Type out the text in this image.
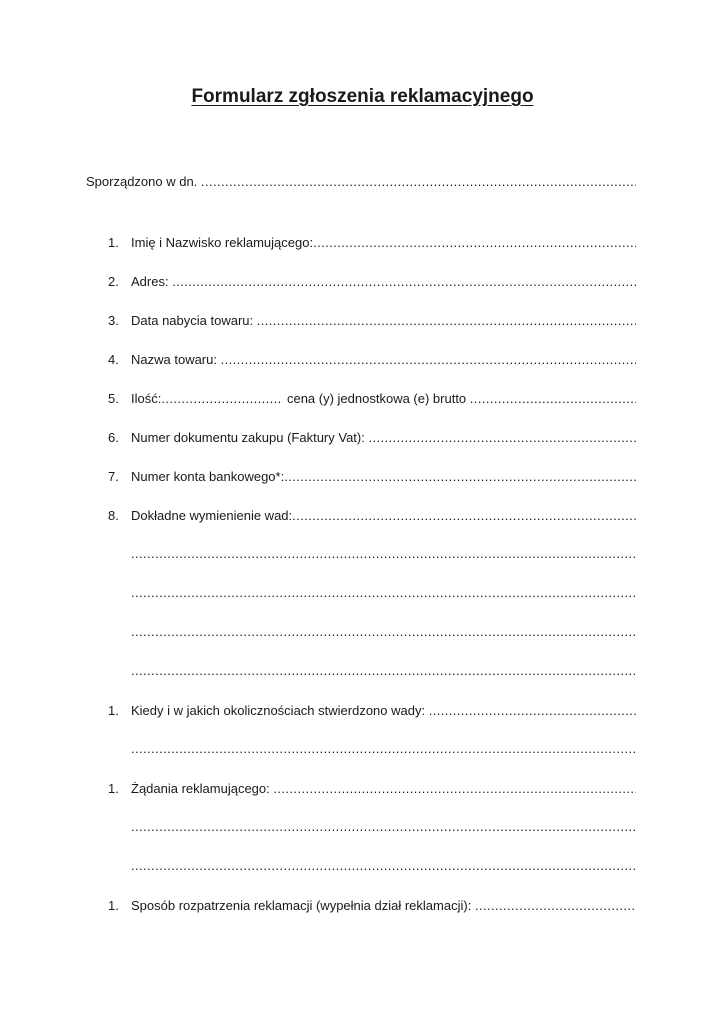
Formularz zgłoszenia reklamacyjnego
Sporządzono w dn.

.....
1. Imię i Nazwisko reklamującego:
.....
2. Adres:

.....
3. Data nabycia towaru:

.....
4. Nazwa towaru:

.....
5. Ilość:
.....
	cena (y) jednostkowa (e) brutto

.....
6. Numer dokumentu zakupu (Faktury Vat):

.....
7. Numer konta bankowego*:
.....
8. Dokładne wymienienie wad:
.....
.....
.....
.....
.....
1. Kiedy i w jakich okolicznościach stwierdzono wady:

.....
.....
1. Żądania reklamującego:

.....
.....
.....
1. Sposób rozpatrzenia reklamacji (wypełnia dział reklamacji):

.....
